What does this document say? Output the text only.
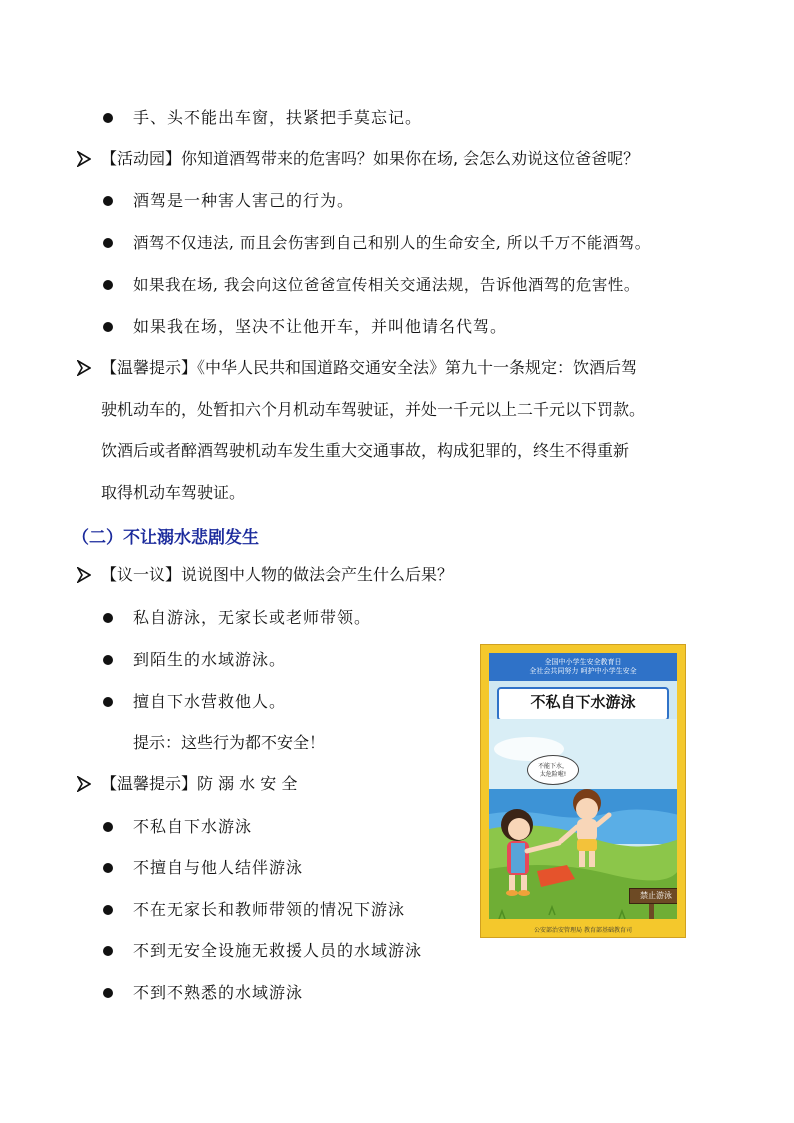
手、头不能出车窗，扶紧把手莫忘记。
【活动园】你知道酒驾带来的危害吗？如果你在场, 会怎么劝说这位爸爸呢？
酒驾是一种害人害己的行为。
酒驾不仅违法, 而且会伤害到自己和别人的生命安全, 所以千万不能酒驾。
如果我在场, 我会向这位爸爸宣传相关交通法规，告诉他酒驾的危害性。
如果我在场，坚决不让他开车，并叫他请名代驾。
【温馨提示】《中华人民共和国道路交通安全法》第九十一条规定：饮酒后驾
驶机动车的，处暂扣六个月机动车驾驶证，并处一千元以上二千元以下罚款。
饮酒后或者醉酒驾驶机动车发生重大交通事故，构成犯罪的，终生不得重新
取得机动车驾驶证。
（二）不让溺水悲剧发生
【议一议】说说图中人物的做法会产生什么后果？
私自游泳，无家长或老师带领。
到陌生的水域游泳。
擅自下水营救他人。
提示：这些行为都不安全！
【温馨提示】防 溺 水 安 全
不私自下水游泳
不擅自与他人结伴游泳
不在无家长和教师带领的情况下游泳
不到无安全设施无救援人员的水域游泳
不到不熟悉的水域游泳
全国中小学生安全教育日
全社会共同努力 呵护中小学生安全
不私自下水游泳
不能下水，
太危险啦!
禁止游泳
公安部治安管理局 教育部基础教育司
